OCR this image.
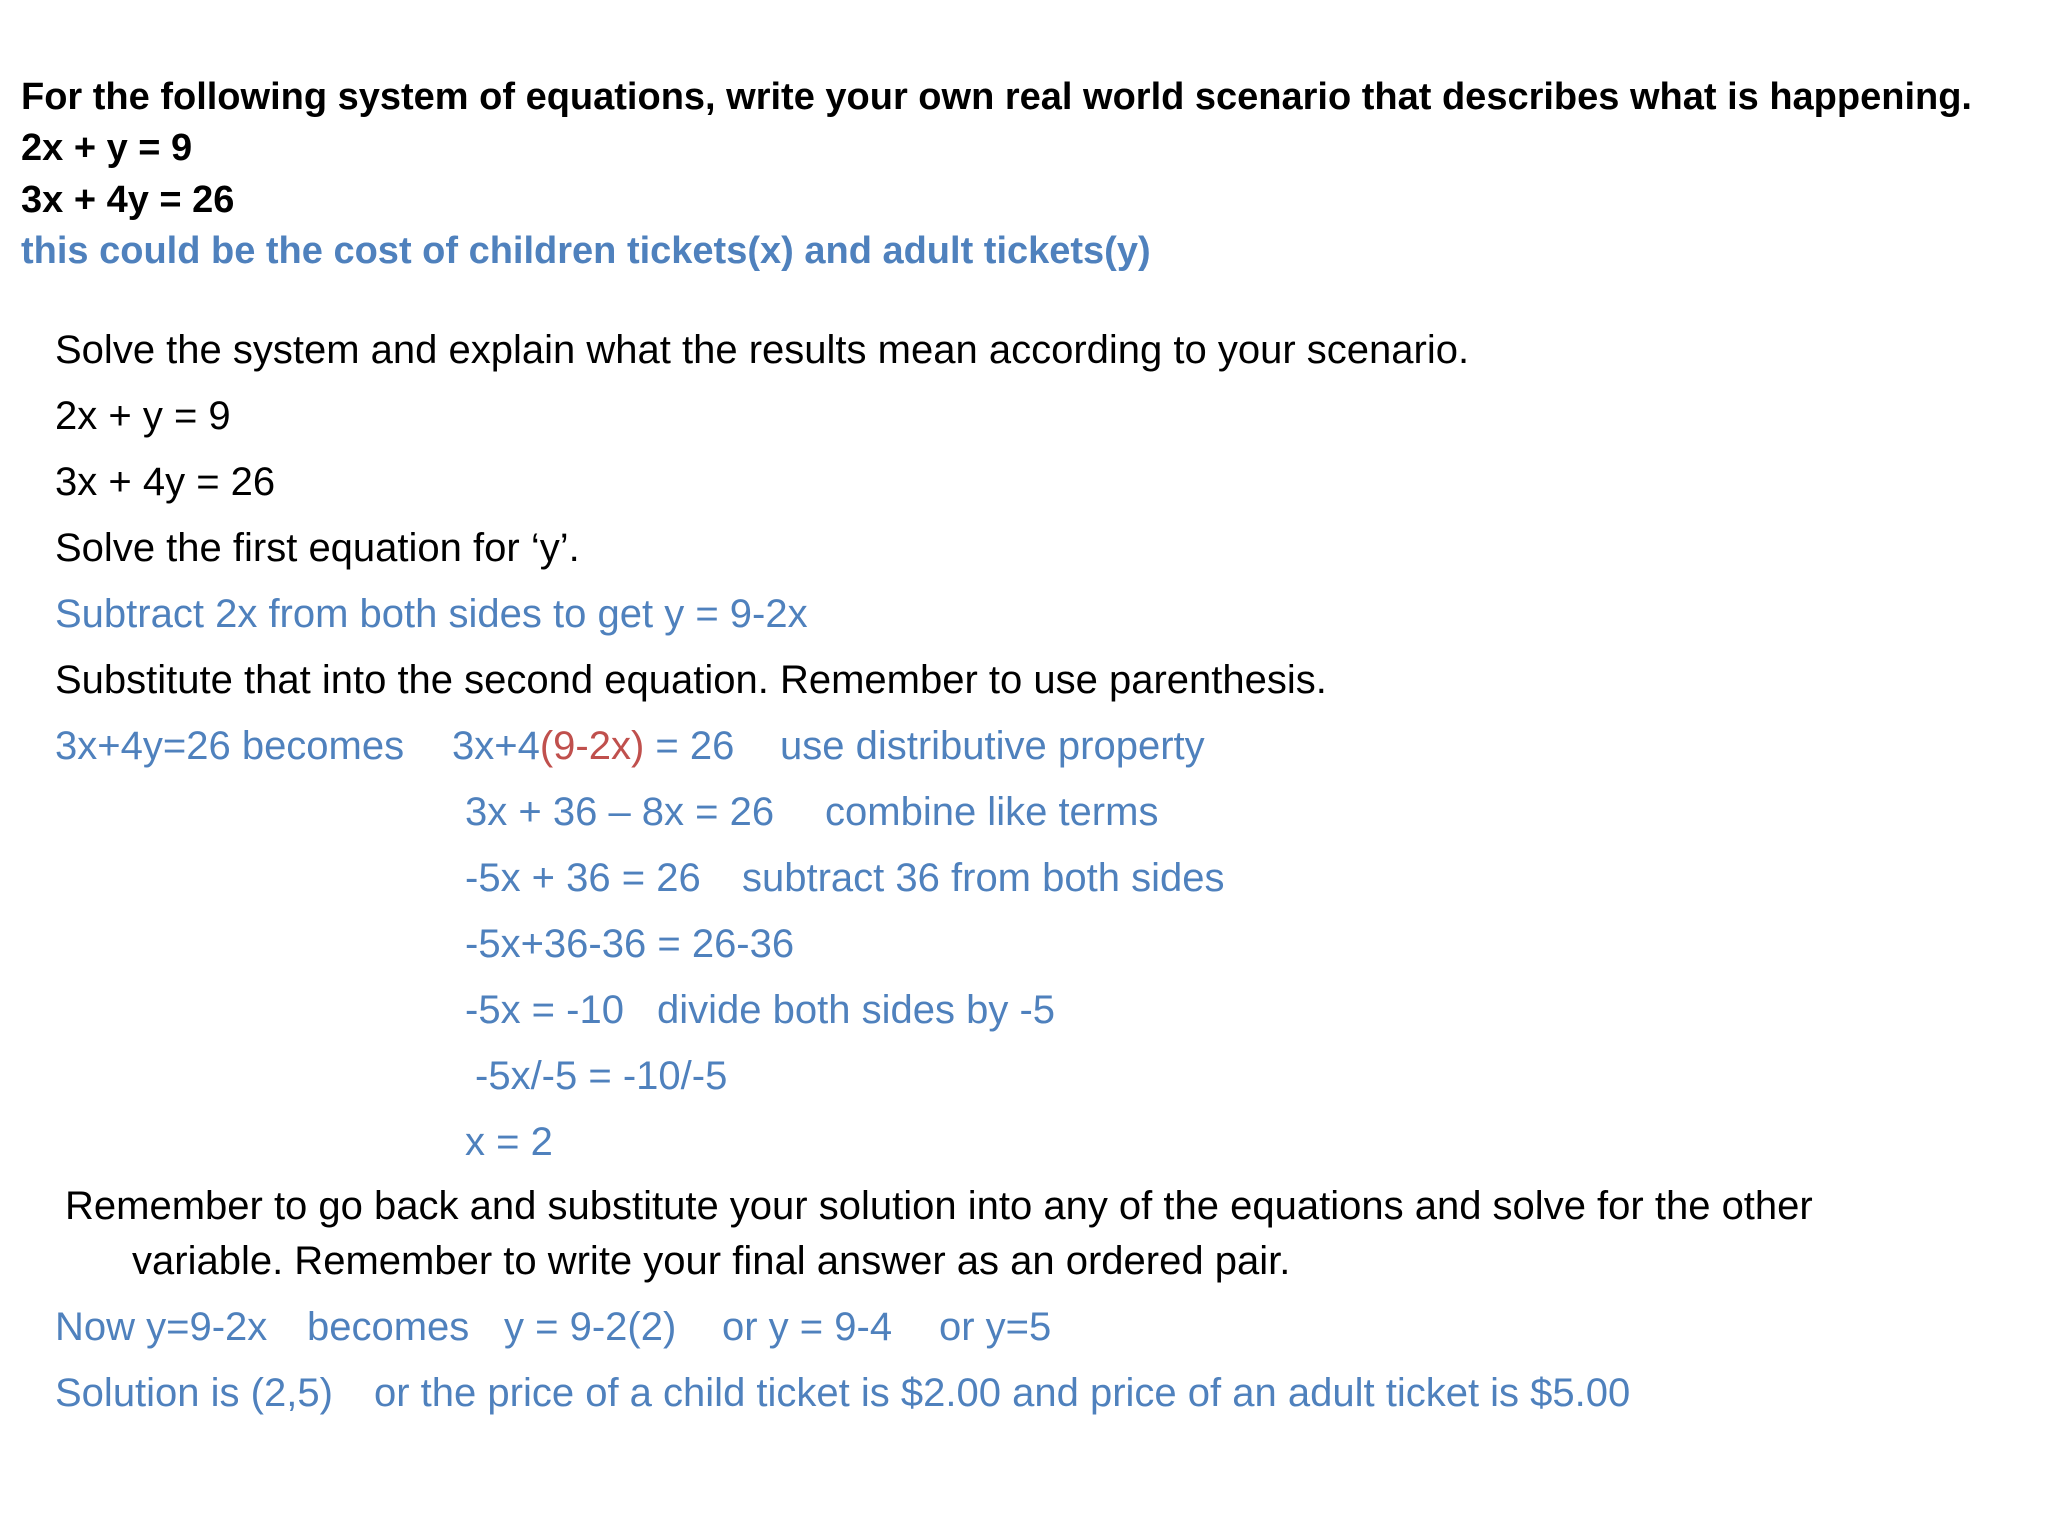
For the following system of equations, write your own real world scenario that describes what is happening.
2x + y = 9
3x + 4y = 26
this could be the cost of children tickets(x) and adult tickets(y)
Solve the system and explain what the results mean according to your scenario.
2x + y = 9
3x + 4y = 26
Solve the first equation for ‘y’.
Subtract 2x from both sides to get y = 9-2x
Substitute that into the second equation. Remember to use parenthesis.
3x+4y=26 becomes 3x+4(9-2x) = 26 use distributive property
3x + 36 – 8x = 26 combine like terms
-5x + 36 = 26 subtract 36 from both sides
-5x+36-36 = 26-36
-5x = -10 divide both sides by -5
-5x/-5 = -10/-5
x = 2
Remember to go back and substitute your solution into any of the equations and solve for the other
variable. Remember to write your final answer as an ordered pair.
Now y=9-2x becomes y = 9-2(2) or y = 9-4 or y=5
Solution is (2,5) or the price of a child ticket is $2.00 and price of an adult ticket is $5.00
